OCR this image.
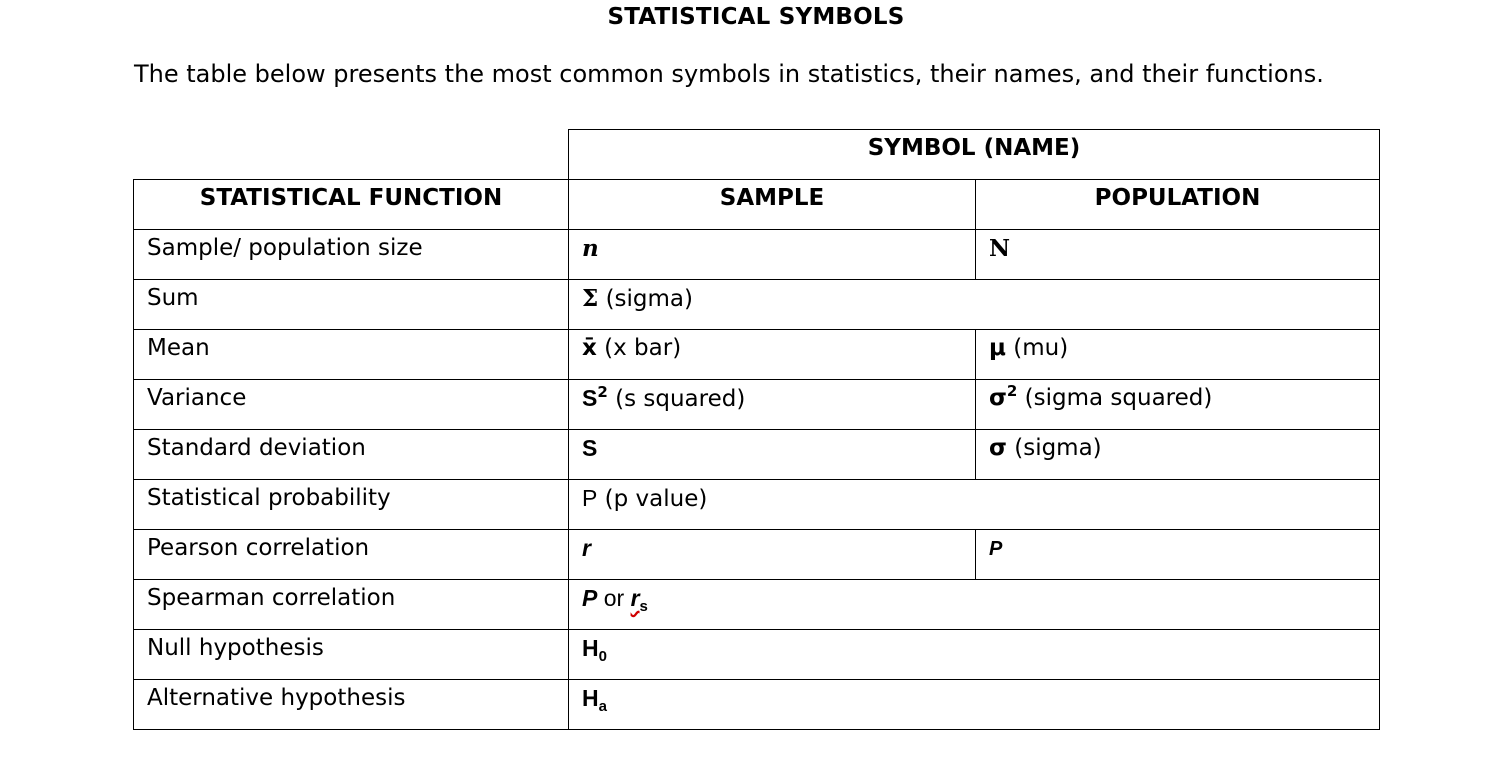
STATISTICAL SYMBOLS
The table below presents the most common symbols in statistics, their names, and their functions.
	SYMBOL (NAME)	
STATISTICAL FUNCTION	SAMPLE	POPULATION
Sample/ population size	n	N
Sum	Σ (sigma)	
Mean	x̄ (x bar)	μ (mu)
Variance	$S^2$ (s squared)	$\sigma^2$ (sigma squared)
Standard deviation	S	σ (sigma)
Statistical probability	P (p value)	
Pearson correlation	r	P
Spearman correlation	P or $r_s$
Null hypothesis	$H_0$
Alternative hypothesis	$H_a$
